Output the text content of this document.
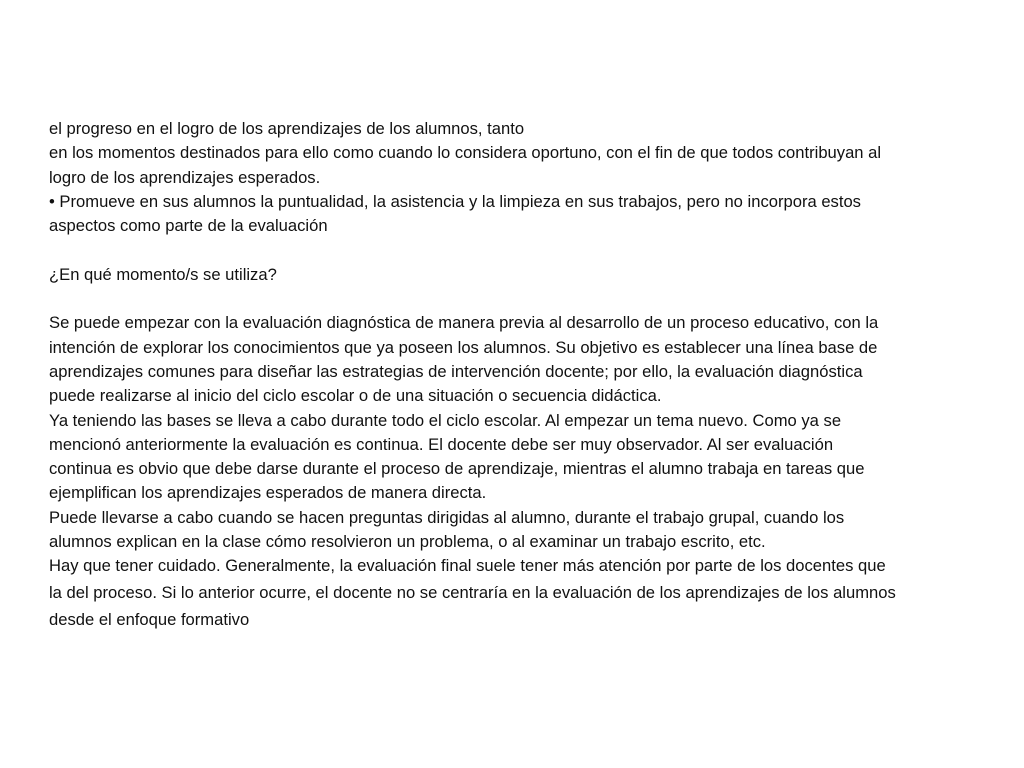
el progreso en el logro de los aprendizajes de los alumnos, tanto
en los momentos destinados para ello como cuando lo considera oportuno, con el fin de que todos contribuyan al
logro de los aprendizajes esperados.
• Promueve en sus alumnos la puntualidad, la asistencia y la limpieza en sus trabajos, pero no incorpora estos
aspectos como parte de la evaluación
¿En qué momento/s se utiliza?
Se puede empezar con la evaluación diagnóstica de manera previa al desarrollo de un proceso educativo, con la
intención de explorar los conocimientos que ya poseen los alumnos. Su objetivo es establecer una línea base de
aprendizajes comunes para diseñar las estrategias de intervención docente; por ello, la evaluación diagnóstica
puede realizarse al inicio del ciclo escolar o de una situación o secuencia didáctica.
Ya teniendo las bases se lleva a cabo durante todo el ciclo escolar. Al empezar un tema nuevo. Como ya se
mencionó anteriormente la evaluación es continua. El docente debe ser muy observador. Al ser evaluación
continua es obvio que debe darse durante el proceso de aprendizaje, mientras el alumno trabaja en tareas que
ejemplifican los aprendizajes esperados de manera directa.
Puede llevarse a cabo cuando se hacen preguntas dirigidas al alumno, durante el trabajo grupal, cuando los
alumnos explican en la clase cómo resolvieron un problema, o al examinar un trabajo escrito, etc.
Hay que tener cuidado. Generalmente, la evaluación final suele tener más atención por parte de los docentes que
la del proceso. Si lo anterior ocurre, el docente no se centraría en la evaluación de los aprendizajes de los alumnos
desde el enfoque formativo
